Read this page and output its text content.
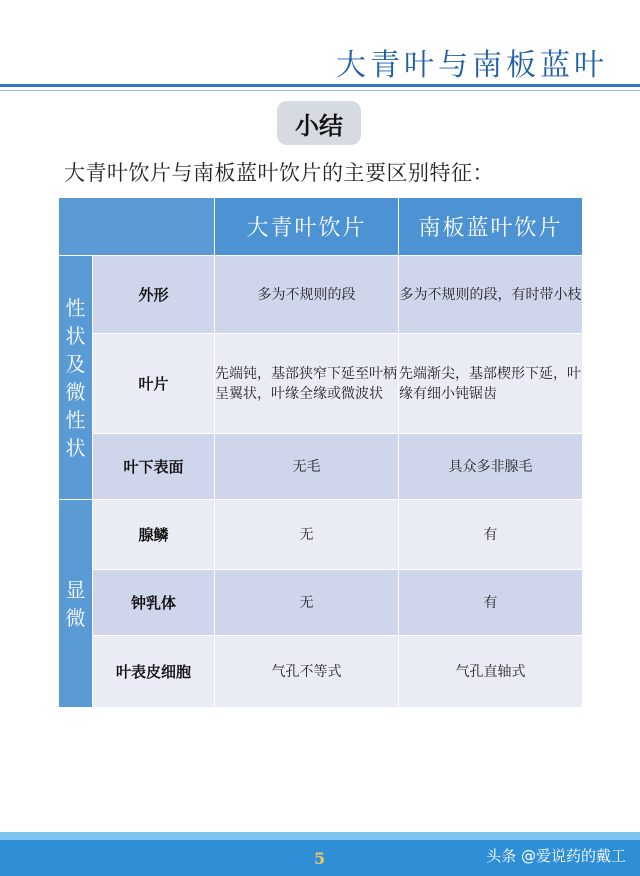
大青叶与南板蓝叶
小结
大青叶饮片与南板蓝叶饮片的主要区别特征：
		大青叶饮片	南板蓝叶饮片
性状及微性状	外形	多为不规则的段	多为不规则的段，有时带小枝
	叶片	先端钝，基部狭窄下延至叶柄呈翼状，叶缘全缘或微波状	先端渐尖，基部楔形下延，叶缘有细小钝锯齿
	叶下表面	无毛	具众多非腺毛
显微	腺鳞	无	有
	钟乳体	无	有
	叶表皮细胞	气孔不等式	气孔直轴式
5	头条 @爱说药的戴工
